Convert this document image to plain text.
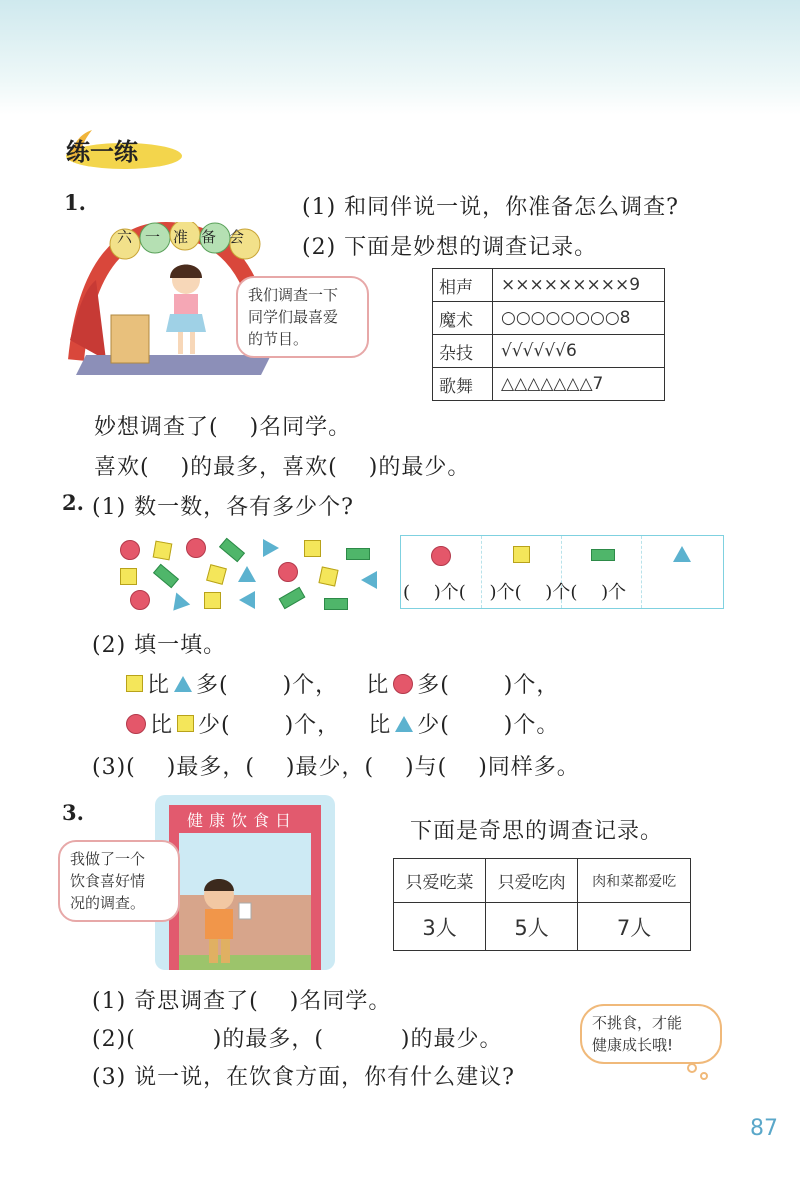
练一练
1.	(1) 和同伴说一说，你准备怎么调查?
(2) 下面是妙想的调查记录。
六一准备会
我们调查一下
同学们最喜爱
的节目。
相声	×××××××××9
魔术	○○○○○○○○8
杂技	√√√√√√6
歌舞	△△△△△△△7
妙想调查了(　 )名同学。
喜欢(　 )的最多，喜欢(　 )的最少。
2. (1) 数一数，各有多少个?
(　 )个(　 )个(　 )个(　 )个
(2) 填一填。
比 多(　　 )个， 比 多(　　 )个，
比 少(　　 )个， 比 少(　　 )个。
(3)(　 )最多，(　 )最少，(　 )与(　 )同样多。
3.	健康饮食日
我做了一个
饮食喜好情
况的调查。
下面是奇思的调查记录。
只爱吃菜	只爱吃肉	肉和菜都爱吃
3人	5人	7人
(1) 奇思调查了(　 )名同学。
(2)(　　　 )的最多，(　　　 )的最少。
(3) 说一说，在饮食方面，你有什么建议?
不挑食，才能
健康成长哦!
87
